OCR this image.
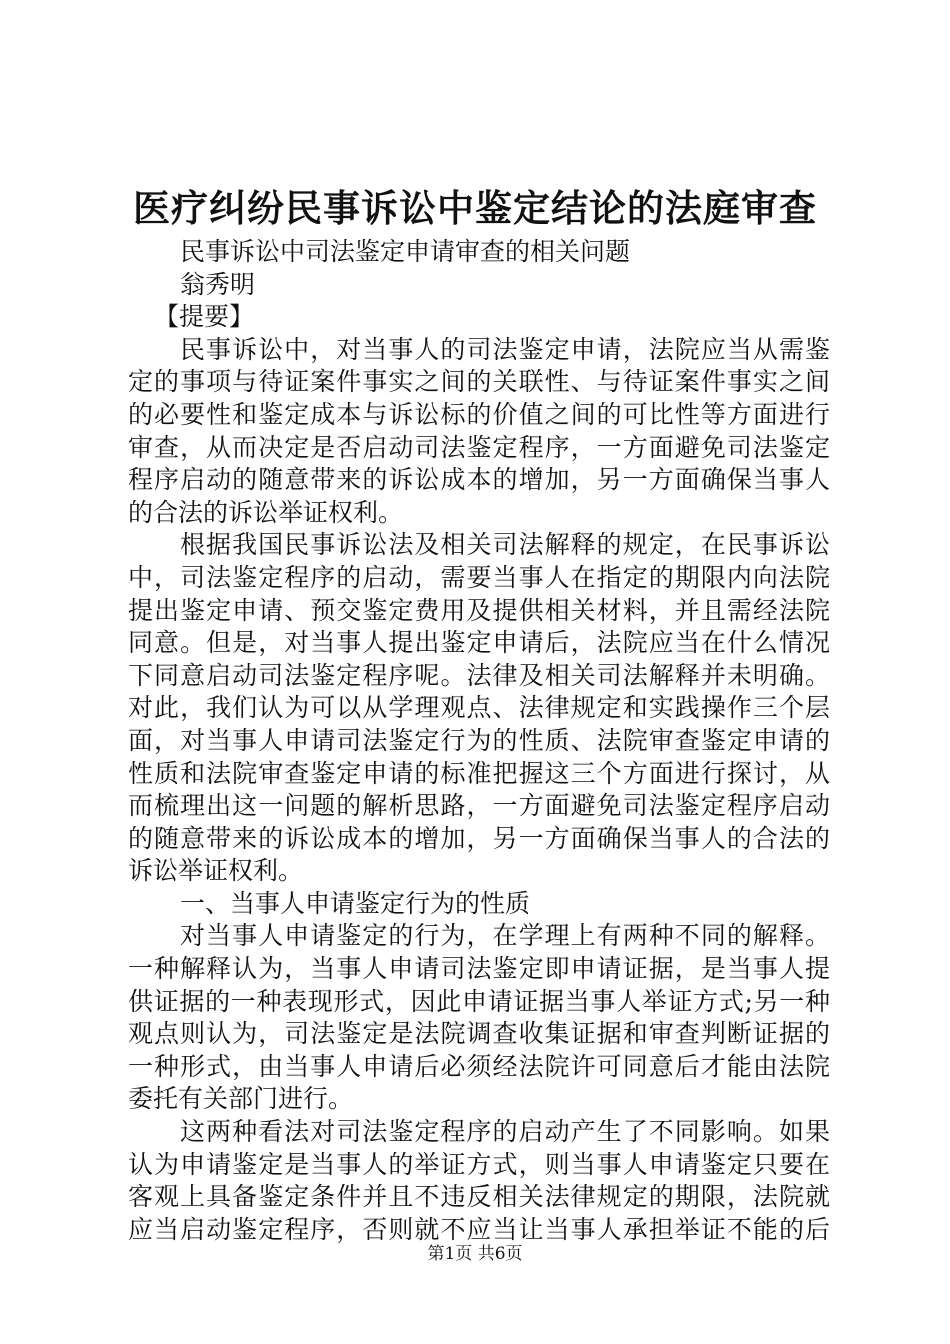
医疗纠纷民事诉讼中鉴定结论的法庭审查
民事诉讼中司法鉴定申请审查的相关问题
翁秀明
【提要】
民事诉讼中，对当事人的司法鉴定申请，法院应当从需鉴
定的事项与待证案件事实之间的关联性、与待证案件事实之间
的必要性和鉴定成本与诉讼标的价值之间的可比性等方面进行
审查，从而决定是否启动司法鉴定程序，一方面避免司法鉴定
程序启动的随意带来的诉讼成本的增加，另一方面确保当事人
的合法的诉讼举证权利。
根据我国民事诉讼法及相关司法解释的规定，在民事诉讼
中，司法鉴定程序的启动，需要当事人在指定的期限内向法院
提出鉴定申请、预交鉴定费用及提供相关材料，并且需经法院
同意。但是，对当事人提出鉴定申请后，法院应当在什么情况
下同意启动司法鉴定程序呢。法律及相关司法解释并未明确。
对此，我们认为可以从学理观点、法律规定和实践操作三个层
面，对当事人申请司法鉴定行为的性质、法院审查鉴定申请的
性质和法院审查鉴定申请的标准把握这三个方面进行探讨，从
而梳理出这一问题的解析思路，一方面避免司法鉴定程序启动
的随意带来的诉讼成本的增加，另一方面确保当事人的合法的
诉讼举证权利。
一、当事人申请鉴定行为的性质
对当事人申请鉴定的行为，在学理上有两种不同的解释。
一种解释认为，当事人申请司法鉴定即申请证据，是当事人提
供证据的一种表现形式，因此申请证据当事人举证方式;另一种
观点则认为，司法鉴定是法院调查收集证据和审查判断证据的
一种形式，由当事人申请后必须经法院许可同意后才能由法院
委托有关部门进行。
这两种看法对司法鉴定程序的启动产生了不同影响。如果
认为申请鉴定是当事人的举证方式，则当事人申请鉴定只要在
客观上具备鉴定条件并且不违反相关法律规定的期限，法院就
应当启动鉴定程序，否则就不应当让当事人承担举证不能的后
第1页 共6页
